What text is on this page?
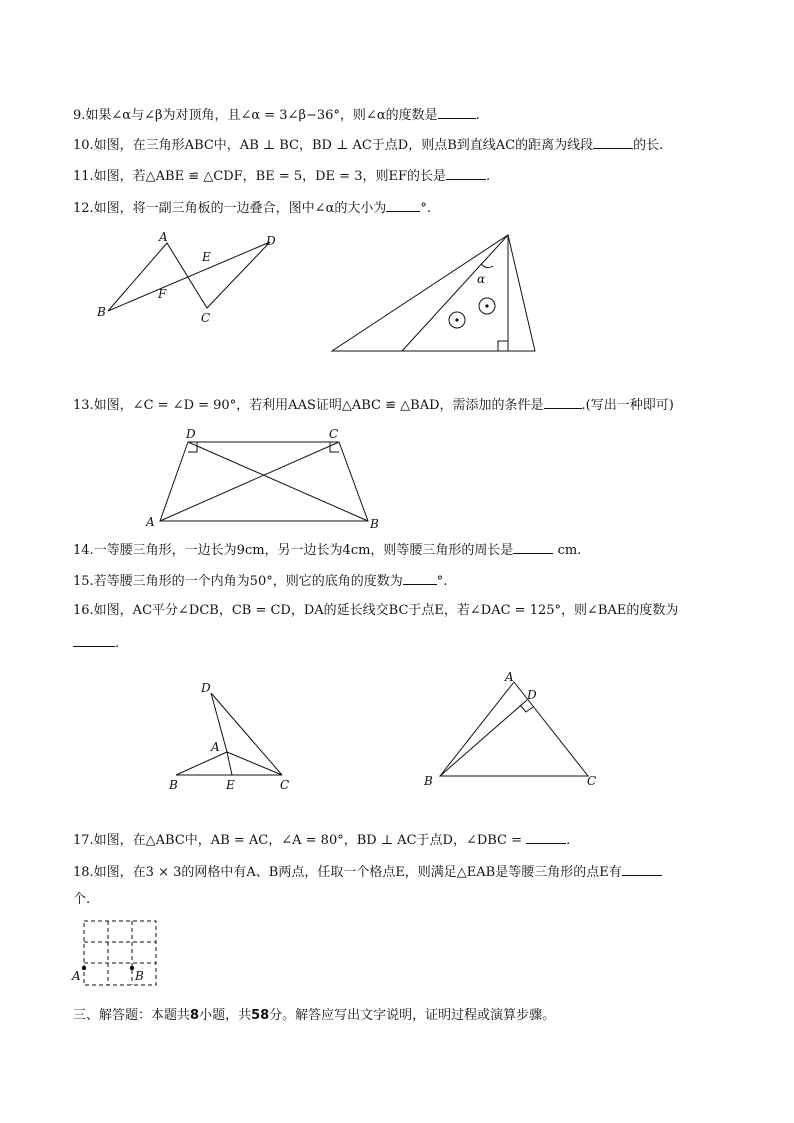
9.如果∠α与∠β为对顶角，且∠α = 3∠β−36°，则∠α的度数是	.
10.如图，在三角形ABC中，AB ⊥ BC，BD ⊥ AC于点D，则点B到直线AC的距离为线段	的长.
11.如图，若△ABE ≌ △CDF，BE = 5，DE = 3，则EF的长是	.
12.如图，将一副三角板的一边叠合，图中∠α的大小为	°.
A
B	C
D
E
F
α
13.如图，∠C = ∠D = 90°，若利用AAS证明△ABC ≌ △BAD，需添加的条件是	.(写出一种即可)
A	B
C
D
14.一等腰三角形，一边长为9cm，另一边长为4cm，则等腰三角形的周长是	cm.
15.若等腰三角形的一个内角为50°，则它的底角的度数为	°.
16.如图，AC平分∠DCB，CB = CD，DA的延长线交BC于点E，若∠DAC = 125°，则∠BAE的度数为
.
D
A
B	E	C
A
D
B	C
17.如图，在△ABC中，AB = AC，∠A = 80°，BD ⊥ AC于点D，∠DBC =	.
18.如图，在3 × 3的网格中有A、B两点，任取一个格点E，则满足△EAB是等腰三角形的点E有
个.
A	B
三、解答题：本题共8小题，共58分。解答应写出文字说明，证明过程或演算步骤。
